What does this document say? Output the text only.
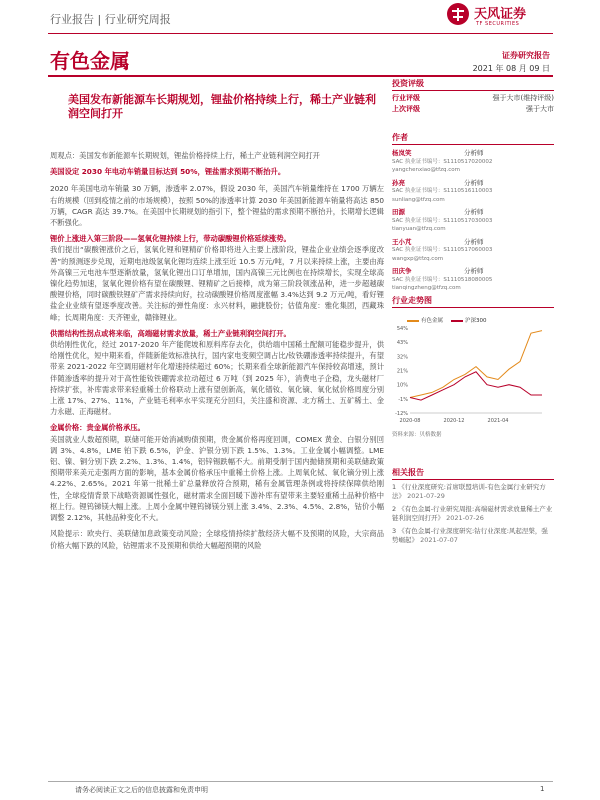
行业报告 | 行业研究周报	天风证券
TF SECURITIES
有色金属	证券研究报告
2021 年 08 月 09 日
美国发布新能源车长期规划，锂盐价格持续上行，稀土产业链利润空间打开

周观点：美国发布新能源车长期规划，锂盐价格持续上行，稀土产业链利润空间打开

美国设定 2030 年电动车销量目标达到 50%，锂盐需求预期不断抬升。

2020 年美国电动车销量 30 万辆，渗透率 2.07%，假设 2030 年，美国汽车销量维持在 1700 万辆左右的规模（回到疫情之前的市场规模），按照 50%的渗透率计算 2030 年美国新能源车销量将高达 850 万辆，CAGR 高达 39.7%。在美国中长期规划的指引下，整个锂盐的需求预期不断抬升，长期增长逻辑不断强化。

锂价上涨进入第三阶段——氢氧化锂持续上行，带动碳酸锂价格延续涨势。

我们提出“碳酸锂涨价之后，氢氧化锂和锂精矿价格即将进入主要上涨阶段，锂盐企业业绩会逐季度改善”的预测逐步兑现，近期电池级氢氧化锂均连续上涨至近 10.5 万元/吨，7 月以来持续上涨，主要由海外高镍三元电池车型逐渐放量，氢氧化锂出口订单增加，国内高镍三元比例也在持续增长，实现全球高镍化趋势加速，氢氧化锂价格有望在碳酸锂、锂精矿之后接棒，成为第三阶段领涨品种，进一步超越碳酸锂价格，同时碳酸铁锂矿产需求持续向好，拉动碳酸锂价格周度涨幅 3.4%达到 9.2 万元/吨，看好锂盐企业业绩有望逐季度改善。关注标的弹性角度：永兴材料，融捷股份；估值角度：雅化集团，西藏珠峰；长周期角度：天齐锂业，赣锋锂业。

供需结构性拐点或将来临，高端磁材需求放量，稀土产业链利润空间打开。

供给刚性优化，经过 2017-2020 年产能爬坡和原料库存去化，供给端中国稀土配额可能稳步提升，供给刚性优化，短中期来看，伴随新能效标准执行，国内家电变频空调占比/钕铁硼渗透率持续提升，有望带来 2021-2022 年空调用磁材年化增速持续超过 60%；长期来看全球新能源汽车保持较高增速，预计伴随渗透率的提升对于高性能钕铁硼需求拉动超过 6 万吨（到 2025 年），消费电子企稳，龙头磁材厂持续扩张，补库需求带来轻重稀土价格联动上涨有望创新高，氧化镨钕、氧化镝、氧化铽价格周度分别上涨 17%、27%、11%，产业链毛利率水平实现充分回归，关注盛和资源、北方稀土、五矿稀土、金力永磁、正海磁材。

金属价格：贵金属价格承压。

美国就业人数超预期，联储可能开始消减购债预期，贵金属价格再度回调，COMEX 黄金、白银分别回调 3%、4.8%，LME 铂下跌 6.5%，沪金、沪银分别下跌 1.5%、1.3%。工业金属小幅调整。LME 铝、镍、铜分别下跌 2.2%、1.3%、1.4%，铝锌锡跌幅不大。前期受制于国内抛储预期和美联储政策预期带来美元走强两方面的影响，基本金属价格承压中重稀土价格上涨。上周氧化铽、氧化镝分别上涨 4.22%、2.65%。2021 年第一批稀土矿总量释放符合预期，稀有金属管理条例或将持续保障供给刚性，全球疫情背景下战略资源属性强化，磁材需求全面回暖下游补库有望带来主要轻重稀土品种价格中枢上行。锂钨锑镁大幅上涨。上周小金属中锂钨锑镁分别上涨 3.4%、2.3%、4.5%、2.8%，钴价小幅调整 2.12%，其他品种变化不大。

风险提示：欧央行、美联储加息政策变动风险；全球疫情持续扩散经济大幅不及预期的风险，大宗商品价格大幅下跌的风险，钴锂需求不及预期和供给大幅超预期的风险

投资评级
行业评级	强于大市(维持评级)
上次评级	强于大市
作者
杨岚笑	分析师
SAC 执业证书编号：S1110517020002
yangchenxiao@tfzq.com
孙亮	分析师
SAC 执业证书编号：S1110516110003
sunliang@tfzq.com
田源	分析师
SAC 执业证书编号：S1110517030003
tianyuan@tfzq.com
王小芃	分析师
SAC 执业证书编号：S1110517060003
wangxp@tfzq.com
田庆争	分析师
SAC 执业证书编号：S1110518080005
tianqingzheng@tfzq.com
行业走势图
有色金属	沪深300
54%
43%
32%
21%
10%
-1%
-12%
2020-08	2020-12	2021-04
资料来源：贝格数据
相关报告
1 《行业深度研究:首席联盟培训-有色金属行业研究方法》 2021-07-29
2 《有色金属-行业研究周报:高端磁材需求放量稀土产业链利润空间打开》 2021-07-26
3 《有色金属-行业深度研究:钴行业深度:风起涅槃，强势崛起》 2021-07-07
请务必阅读正文之后的信息披露和免责申明	1
